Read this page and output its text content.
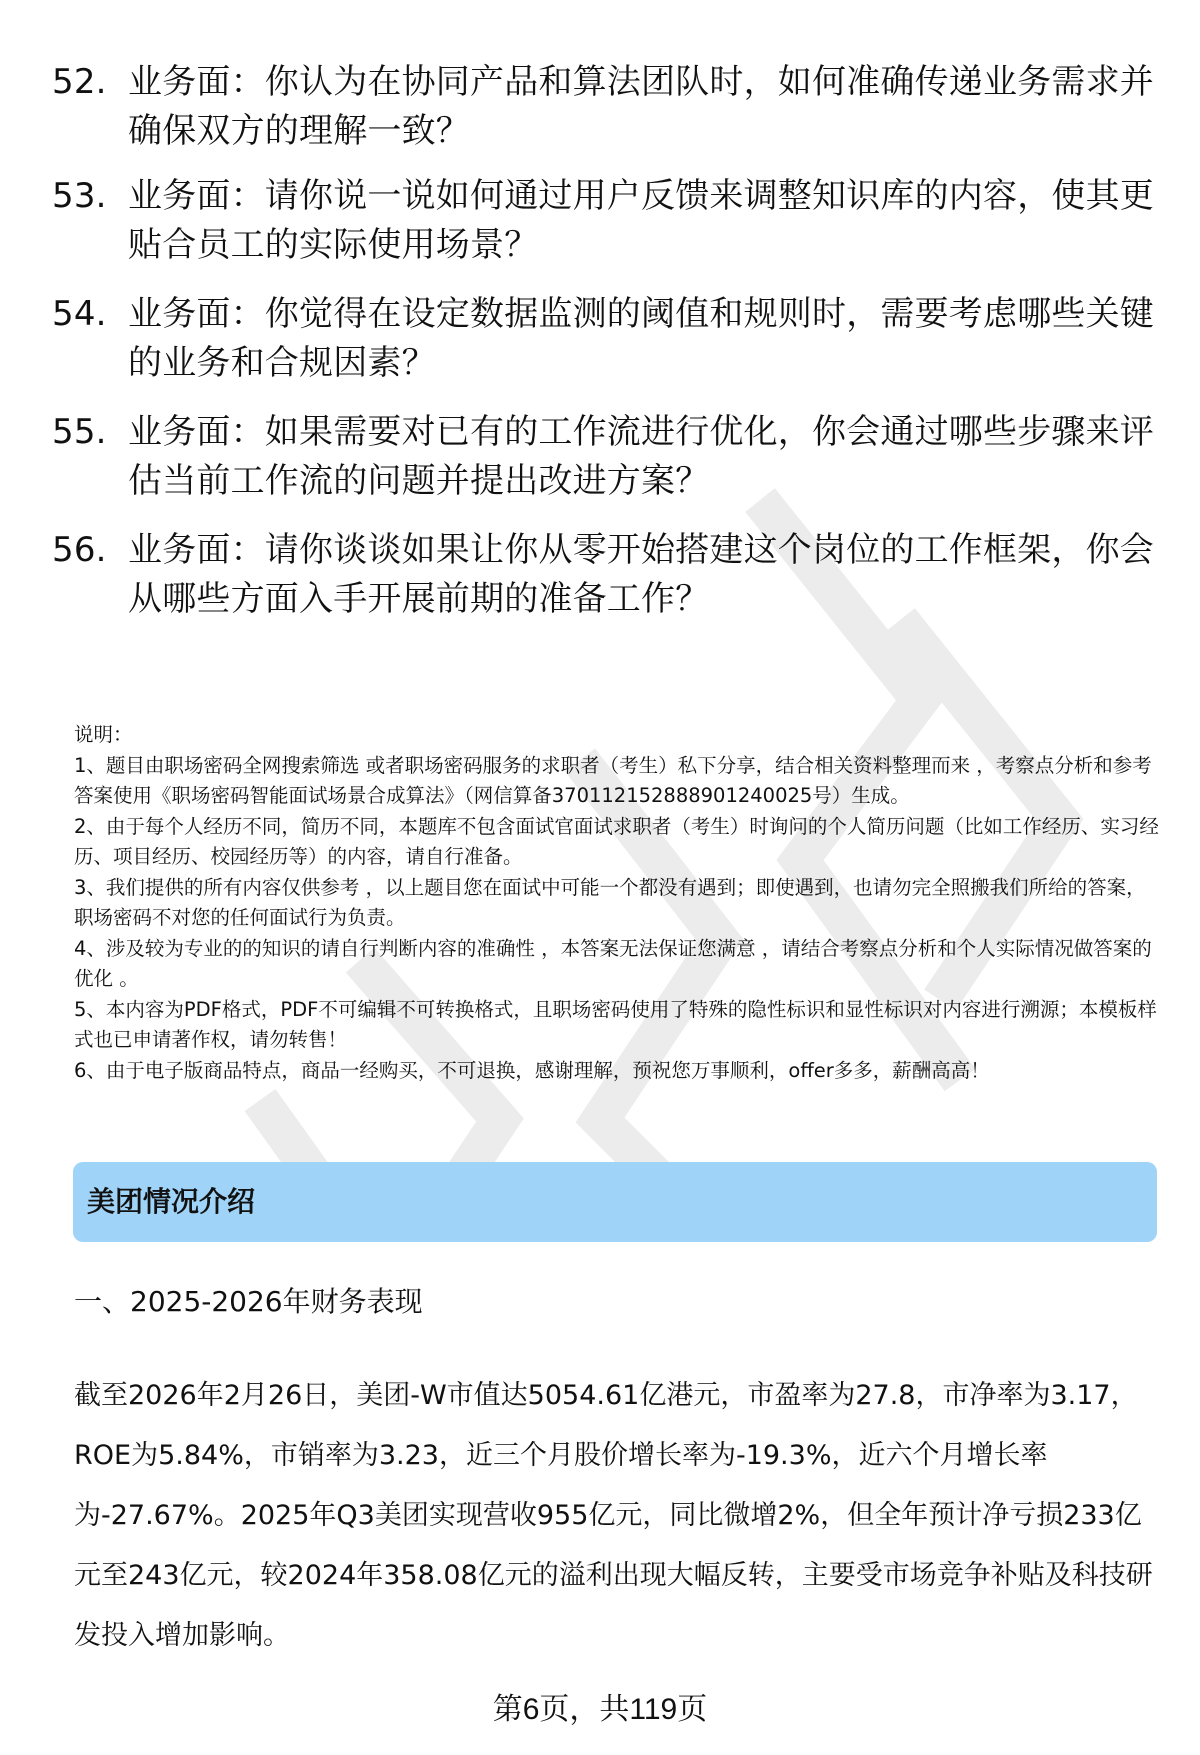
52. 业务面：你认为在协同产品和算法团队时，如何准确传递业务需求并确保双方的理解一致？
53. 业务面：请你说一说如何通过用户反馈来调整知识库的内容，使其更贴合员工的实际使用场景？
54. 业务面：你觉得在设定数据监测的阈值和规则时，需要考虑哪些关键的业务和合规因素？
55. 业务面：如果需要对已有的工作流进行优化，你会通过哪些步骤来评估当前工作流的问题并提出改进方案？
56. 业务面：请你谈谈如果让你从零开始搭建这个岗位的工作框架，你会从哪些方面入手开展前期的准备工作？

说明：

1、题目由职场密码全网搜索筛选 或者职场密码服务的求职者（考生）私下分享，结合相关资料整理而来 ，考察点分析和参考答案使用《职场密码智能面试场景合成算法》（网信算备370112152888901240025号）生成。

2、由于每个人经历不同，简历不同，本题库不包含面试官面试求职者（考生）时询问的个人简历问题（比如工作经历、实习经历、项目经历、校园经历等）的内容，请自行准备。

3、我们提供的所有内容仅供参考 ，以上题目您在面试中可能一个都没有遇到；即使遇到，也请勿完全照搬我们所给的答案，职场密码不对您的任何面试行为负责。

4、涉及较为专业的的知识的请自行判断内容的准确性 ，本答案无法保证您满意 ，请结合考察点分析和个人实际情况做答案的优化 。

5、本内容为PDF格式，PDF不可编辑不可转换格式，且职场密码使用了特殊的隐性标识和显性标识对内容进行溯源；本模板样式也已申请著作权，请勿转售！

6、由于电子版商品特点，商品一经购买，不可退换，感谢理解，预祝您万事顺利，offer多多，薪酬高高！

美团情况介绍
一、2025-2026年财务表现
截至2026年2月26日，美团-W市值达5054.61亿港元，市盈率为27.8，市净率为3.17，ROE为5.84%，市销率为3.23，近三个月股价增长率为-19.3%，近六个月增长率为-27.67%。2025年Q3美团实现营收955亿元，同比微增2%，但全年预计净亏损233亿元至243亿元，较2024年358.08亿元的溢利出现大幅反转，主要受市场竞争补贴及科技研发投入增加影响。
第6页，共119页
